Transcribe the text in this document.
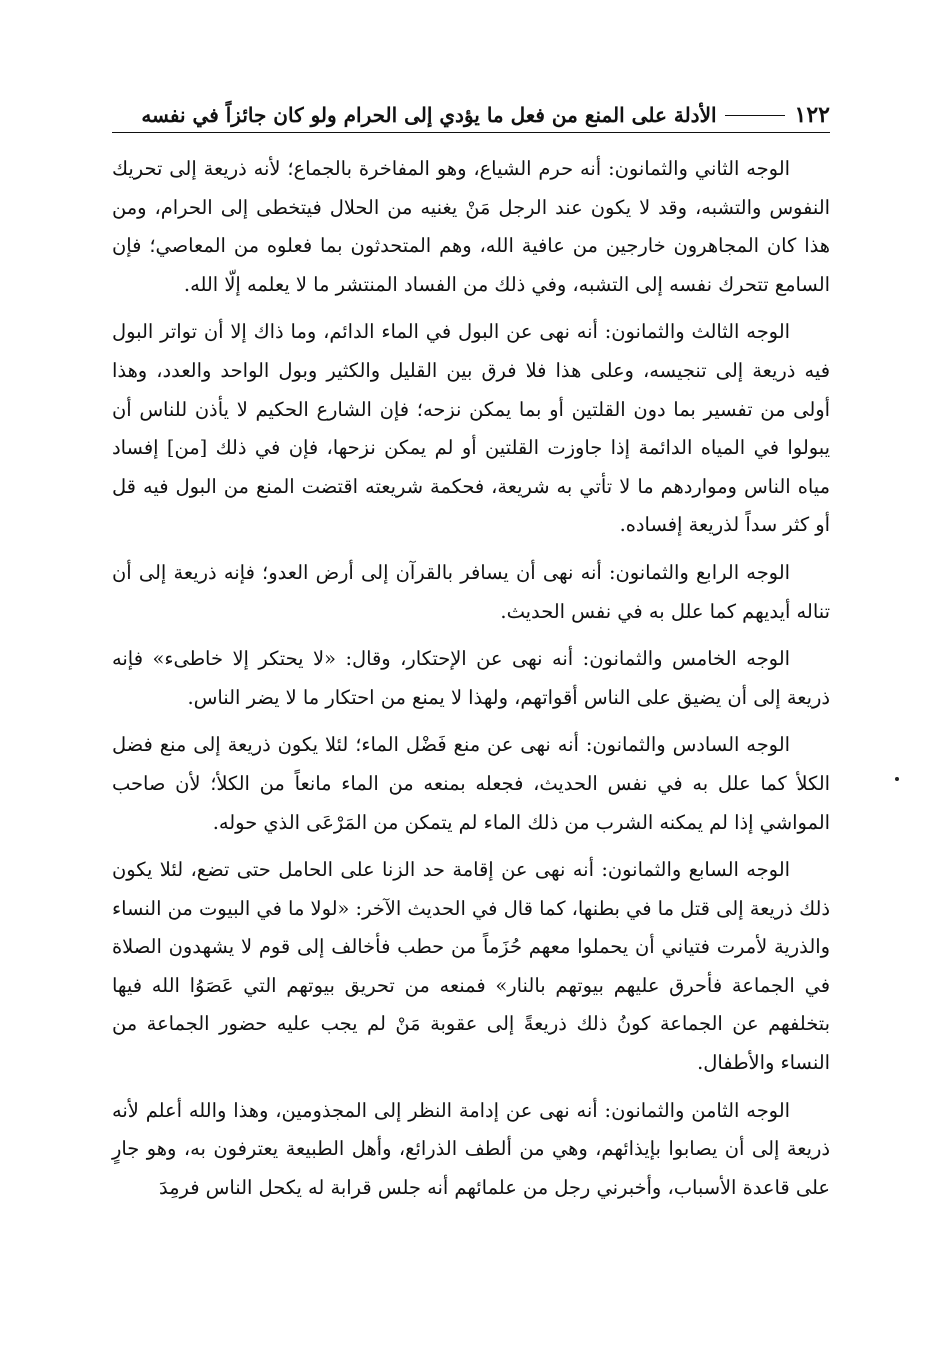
١٢٢
الأدلة على المنع من فعل ما يؤدي إلى الحرام ولو كان جائزاً في نفسه

الوجه الثاني والثمانون: أنه حرم الشياع، وهو المفاخرة بالجماع؛ لأنه ذريعة إلى تحريك النفوس والتشبه، وقد لا يكون عند الرجل مَنْ يغنيه من الحلال فيتخطى إلى الحرام، ومن هذا كان المجاهرون خارجين من عافية الله، وهم المتحدثون بما فعلوه من المعاصي؛ فإن السامع تتحرك نفسه إلى التشبه، وفي ذلك من الفساد المنتشر ما لا يعلمه إلّا الله.

الوجه الثالث والثمانون: أنه نهى عن البول في الماء الدائم، وما ذاك إلا أن تواتر البول فيه ذريعة إلى تنجيسه، وعلى هذا فلا فرق بين القليل والكثير وبول الواحد والعدد، وهذا أولى من تفسير بما دون القلتين أو بما يمكن نزحه؛ فإن الشارع الحكيم لا يأذن للناس أن يبولوا في المياه الدائمة إذا جاوزت القلتين أو لم يمكن نزحها، فإن في ذلك [من] إفساد مياه الناس ومواردهم ما لا تأتي به شريعة، فحكمة شريعته اقتضت المنع من البول فيه قل أو كثر سداً لذريعة إفساده.

الوجه الرابع والثمانون: أنه نهى أن يسافر بالقرآن إلى أرض العدو؛ فإنه ذريعة إلى أن تناله أيديهم كما علل به في نفس الحديث.

الوجه الخامس والثمانون: أنه نهى عن الإحتكار، وقال: «لا يحتكر إلا خاطىء» فإنه ذريعة إلى أن يضيق على الناس أقواتهم، ولهذا لا يمنع من احتكار ما لا يضر الناس.

الوجه السادس والثمانون: أنه نهى عن منع فَضْل الماء؛ لئلا يكون ذريعة إلى منع فضل الكلأ كما علل به في نفس الحديث، فجعله بمنعه من الماء مانعاً من الكلأ؛ لأن صاحب المواشي إذا لم يمكنه الشرب من ذلك الماء لم يتمكن من المَرْعَى الذي حوله.

الوجه السابع والثمانون: أنه نهى عن إقامة حد الزنا على الحامل حتى تضع، لئلا يكون ذلك ذريعة إلى قتل ما في بطنها، كما قال في الحديث الآخر: «لولا ما في البيوت من النساء والذرية لأمرت فتياني أن يحملوا معهم حُزَماً من حطب فأخالف إلى قوم لا يشهدون الصلاة في الجماعة فأحرق عليهم بيوتهم بالنار» فمنعه من تحريق بيوتهم التي عَصَوُا الله فيها بتخلفهم عن الجماعة كونُ ذلك ذريعةً إلى عقوبة مَنْ لم يجب عليه حضور الجماعة من النساء والأطفال.

الوجه الثامن والثمانون: أنه نهى عن إدامة النظر إلى المجذومين، وهذا والله أعلم لأنه ذريعة إلى أن يصابوا بإيذائهم، وهي من ألطف الذرائع، وأهل الطبيعة يعترفون به، وهو جارٍ على قاعدة الأسباب، وأخبرني رجل من علمائهم أنه جلس قرابة له يكحل الناس فرمِدَ
